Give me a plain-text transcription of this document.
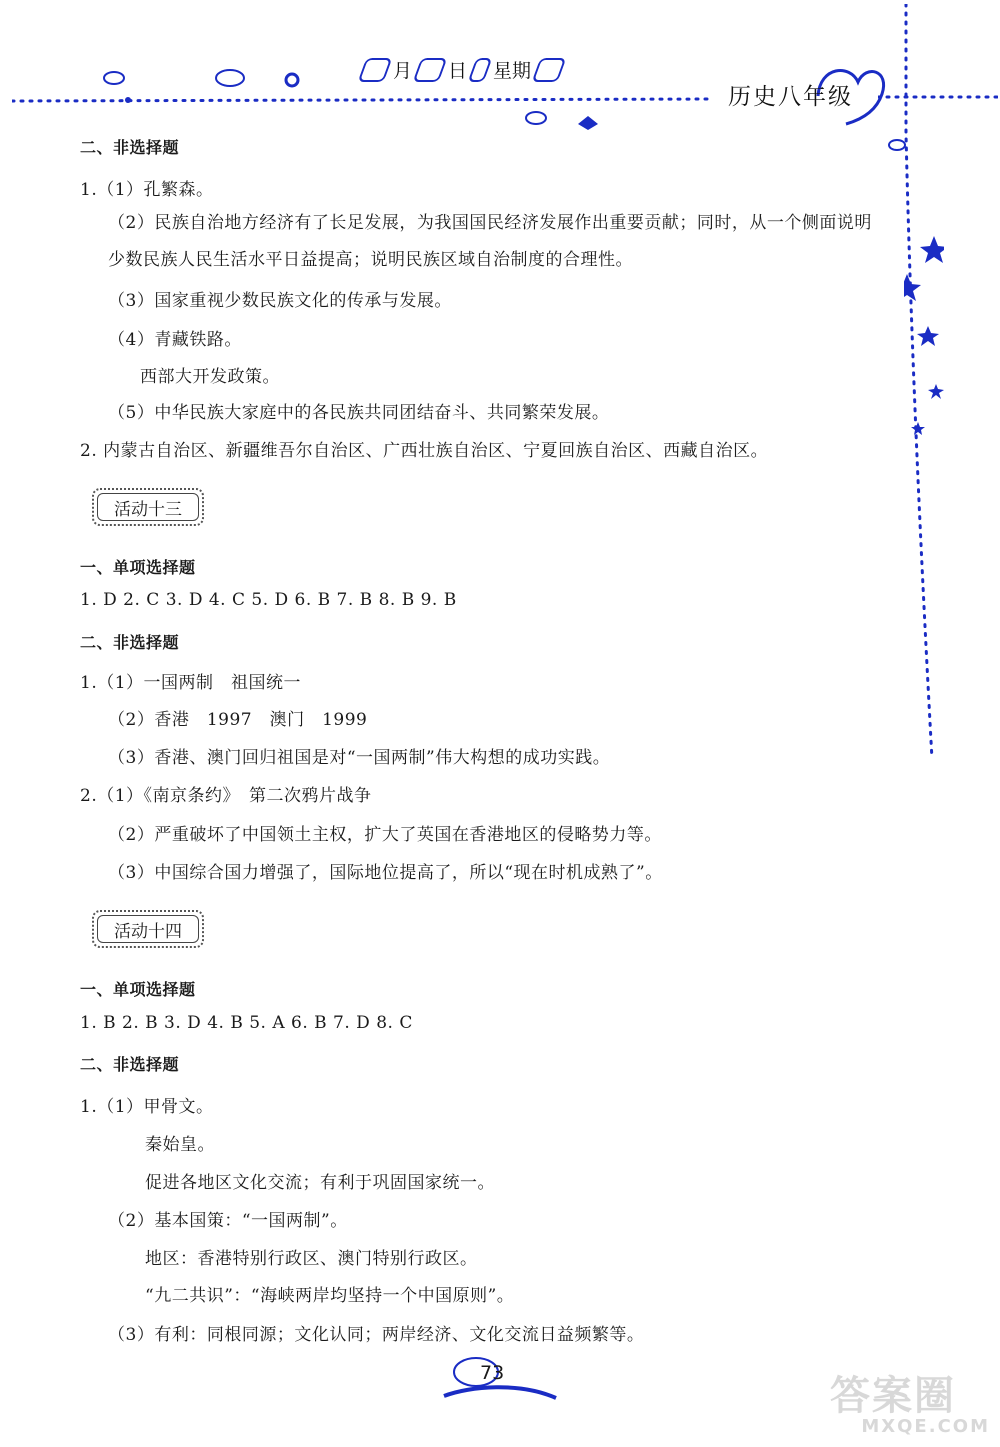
月 日 星期
历史八年级
二、非选择题
1.（1）孔繁森。
（2）民族自治地方经济有了长足发展，为我国国民经济发展作出重要贡献；同时，从一个侧面说明
少数民族人民生活水平日益提高；说明民族区域自治制度的合理性。
（3）国家重视少数民族文化的传承与发展。
（4）青藏铁路。
西部大开发政策。
（5）中华民族大家庭中的各民族共同团结奋斗、共同繁荣发展。
2. 内蒙古自治区、新疆维吾尔自治区、广西壮族自治区、宁夏回族自治区、西藏自治区。
活动十三
一、单项选择题
1. D 2. C 3. D 4. C 5. D 6. B 7. B 8. B 9. B
二、非选择题
1.（1）一国两制　祖国统一
（2）香港　1997　澳门　1999
（3）香港、澳门回归祖国是对“一国两制”伟大构想的成功实践。
2.（1）《南京条约》　第二次鸦片战争
（2）严重破坏了中国领土主权，扩大了英国在香港地区的侵略势力等。
（3）中国综合国力增强了，国际地位提高了，所以“现在时机成熟了”。
活动十四
一、单项选择题
1. B 2. B 3. D 4. B 5. A 6. B 7. D 8. C
二、非选择题
1.（1）甲骨文。
秦始皇。
促进各地区文化交流；有利于巩固国家统一。
（2）基本国策：“一国两制”。
地区：香港特别行政区、澳门特别行政区。
“九二共识”：“海峡两岸均坚持一个中国原则”。
（3）有利：同根同源；文化认同；两岸经济、文化交流日益频繁等。
73	答案圈
MXQE.COM
